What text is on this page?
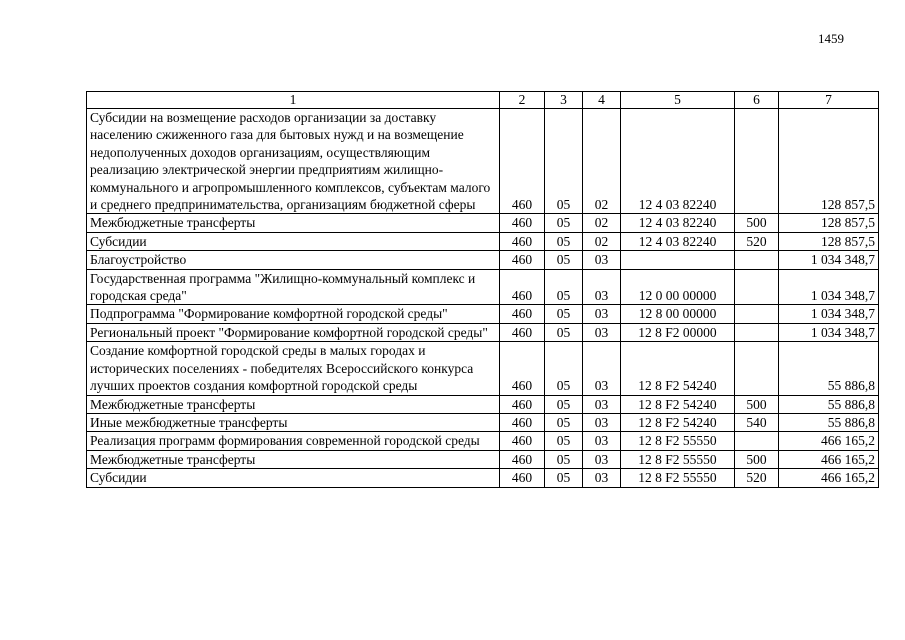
1459
1	2	3	4	5	6	7
Субсидии на возмещение расходов организации за доставку населению сжиженного газа для бытовых нужд и на возмещение недополученных доходов организациям, осуществляющим реализацию электрической энергии предприятиям жилищно-коммунального и агропромышленного комплексов, субъектам малого и среднего предпринимательства, организациям бюджетной сферы	460	05	02	12 4 03 82240		128 857,5
Межбюджетные трансферты	460	05	02	12 4 03 82240	500	128 857,5
Субсидии	460	05	02	12 4 03 82240	520	128 857,5
Благоустройство	460	05	03			1 034 348,7
Государственная программа "Жилищно-коммунальный комплекс и городская среда"	460	05	03	12 0 00 00000		1 034 348,7
Подпрограмма "Формирование комфортной городской среды"	460	05	03	12 8 00 00000		1 034 348,7
Региональный проект "Формирование комфортной городской среды"	460	05	03	12 8 F2 00000		1 034 348,7
Создание комфортной городской среды в малых городах и исторических поселениях - победителях Всероссийского конкурса лучших проектов создания комфортной городской среды	460	05	03	12 8 F2 54240		55 886,8
Межбюджетные трансферты	460	05	03	12 8 F2 54240	500	55 886,8
Иные межбюджетные трансферты	460	05	03	12 8 F2 54240	540	55 886,8
Реализация программ формирования современной городской среды	460	05	03	12 8 F2 55550		466 165,2
Межбюджетные трансферты	460	05	03	12 8 F2 55550	500	466 165,2
Субсидии	460	05	03	12 8 F2 55550	520	466 165,2
